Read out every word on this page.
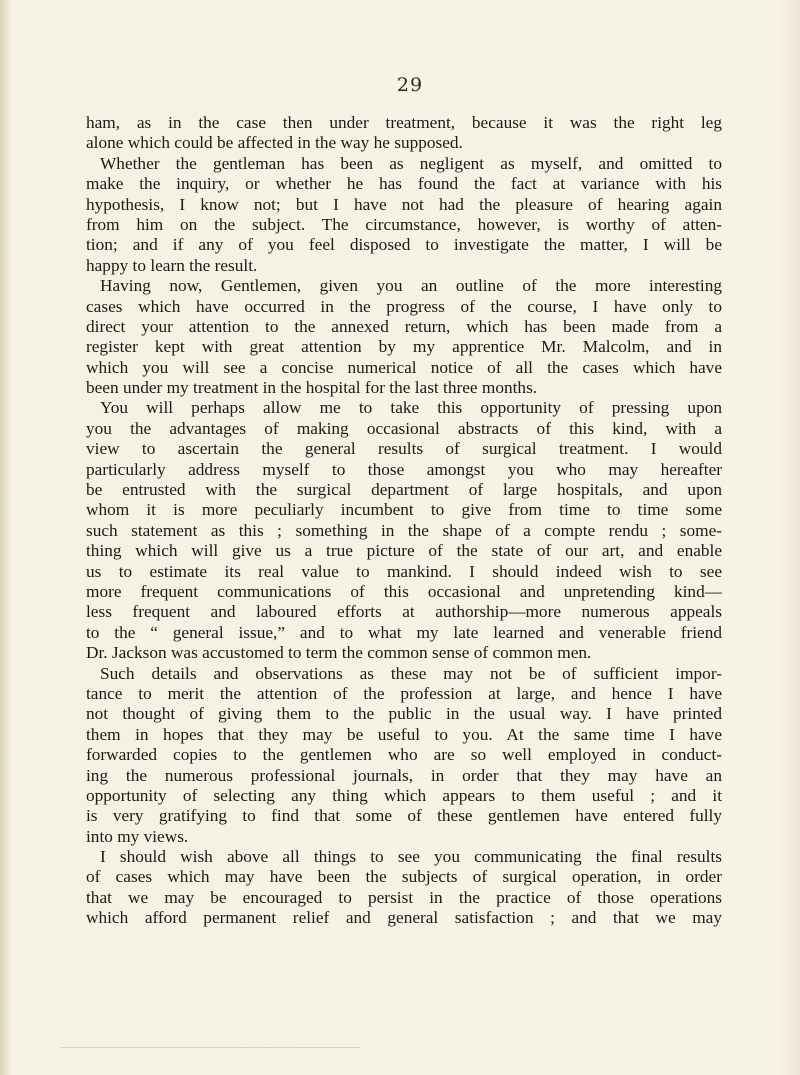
29
ham, as in the case then under treatment, because it was the right leg
alone which could be affected in the way he supposed.
Whether the gentleman has been as negligent as myself, and omitted to
make the inquiry, or whether he has found the fact at variance with his
hypothesis, I know not; but I have not had the pleasure of hearing again
from him on the subject. The circumstance, however, is worthy of atten-
tion; and if any of you feel disposed to investigate the matter, I will be
happy to learn the result.
Having now, Gentlemen, given you an outline of the more interesting
cases which have occurred in the progress of the course, I have only to
direct your attention to the annexed return, which has been made from a
register kept with great attention by my apprentice Mr. Malcolm, and in
which you will see a concise numerical notice of all the cases which have
been under my treatment in the hospital for the last three months.
You will perhaps allow me to take this opportunity of pressing upon
you the advantages of making occasional abstracts of this kind, with a
view to ascertain the general results of surgical treatment. I would
particularly address myself to those amongst you who may hereafter
be entrusted with the surgical department of large hospitals, and upon
whom it is more peculiarly incumbent to give from time to time some
such statement as this ; something in the shape of a compte rendu ; some-
thing which will give us a true picture of the state of our art, and enable
us to estimate its real value to mankind. I should indeed wish to see
more frequent communications of this occasional and unpretending kind—
less frequent and laboured efforts at authorship—more numerous appeals
to the “ general issue,” and to what my late learned and venerable friend
Dr. Jackson was accustomed to term the common sense of common men.
Such details and observations as these may not be of sufficient impor-
tance to merit the attention of the profession at large, and hence I have
not thought of giving them to the public in the usual way. I have printed
them in hopes that they may be useful to you. At the same time I have
forwarded copies to the gentlemen who are so well employed in conduct-
ing the numerous professional journals, in order that they may have an
opportunity of selecting any thing which appears to them useful ; and it
is very gratifying to find that some of these gentlemen have entered fully
into my views.
I should wish above all things to see you communicating the final results
of cases which may have been the subjects of surgical operation, in order
that we may be encouraged to persist in the practice of those operations
which afford permanent relief and general satisfaction ; and that we may
